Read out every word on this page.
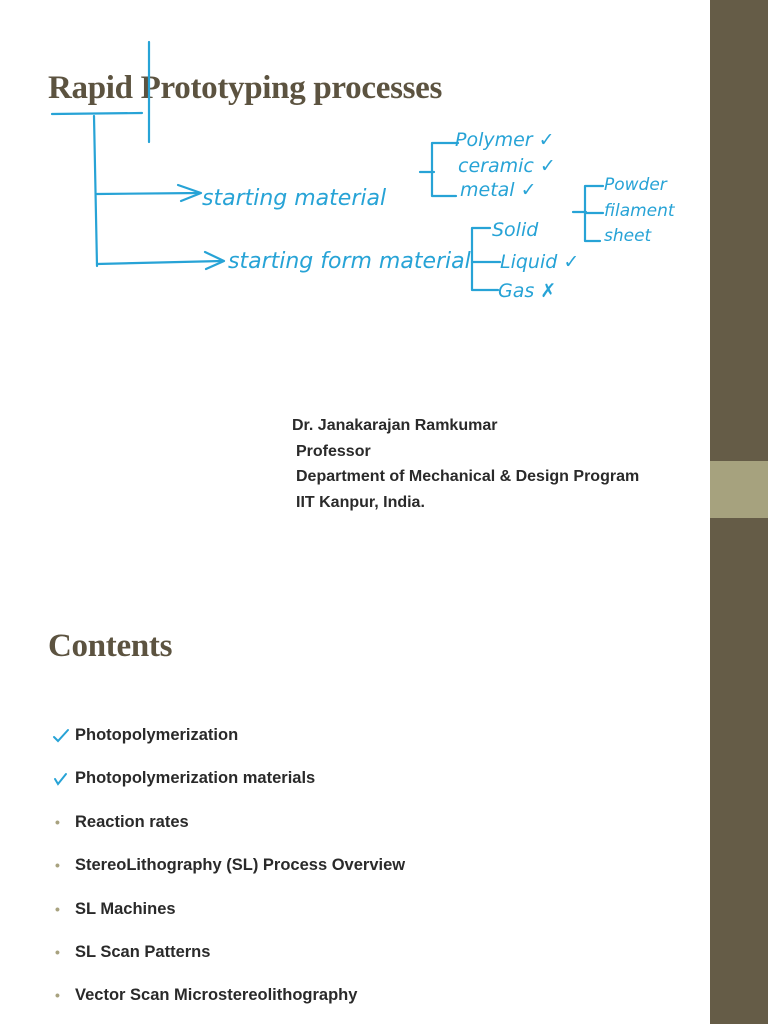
Rapid Prototyping processes
starting material
starting form material
Polymer ✓
ceramic ✓
metal ✓
Solid
Liquid ✓
Gas ✗
Powder
filament
sheet
Dr. Janakarajan Ramkumar
Professor
Department of Mechanical & Design Program
IIT Kanpur, India.
Contents
Photopolymerization
Photopolymerization materials
• Reaction rates
• StereoLithography (SL) Process Overview
• SL Machines
• SL Scan Patterns
• Vector Scan Microstereolithography
